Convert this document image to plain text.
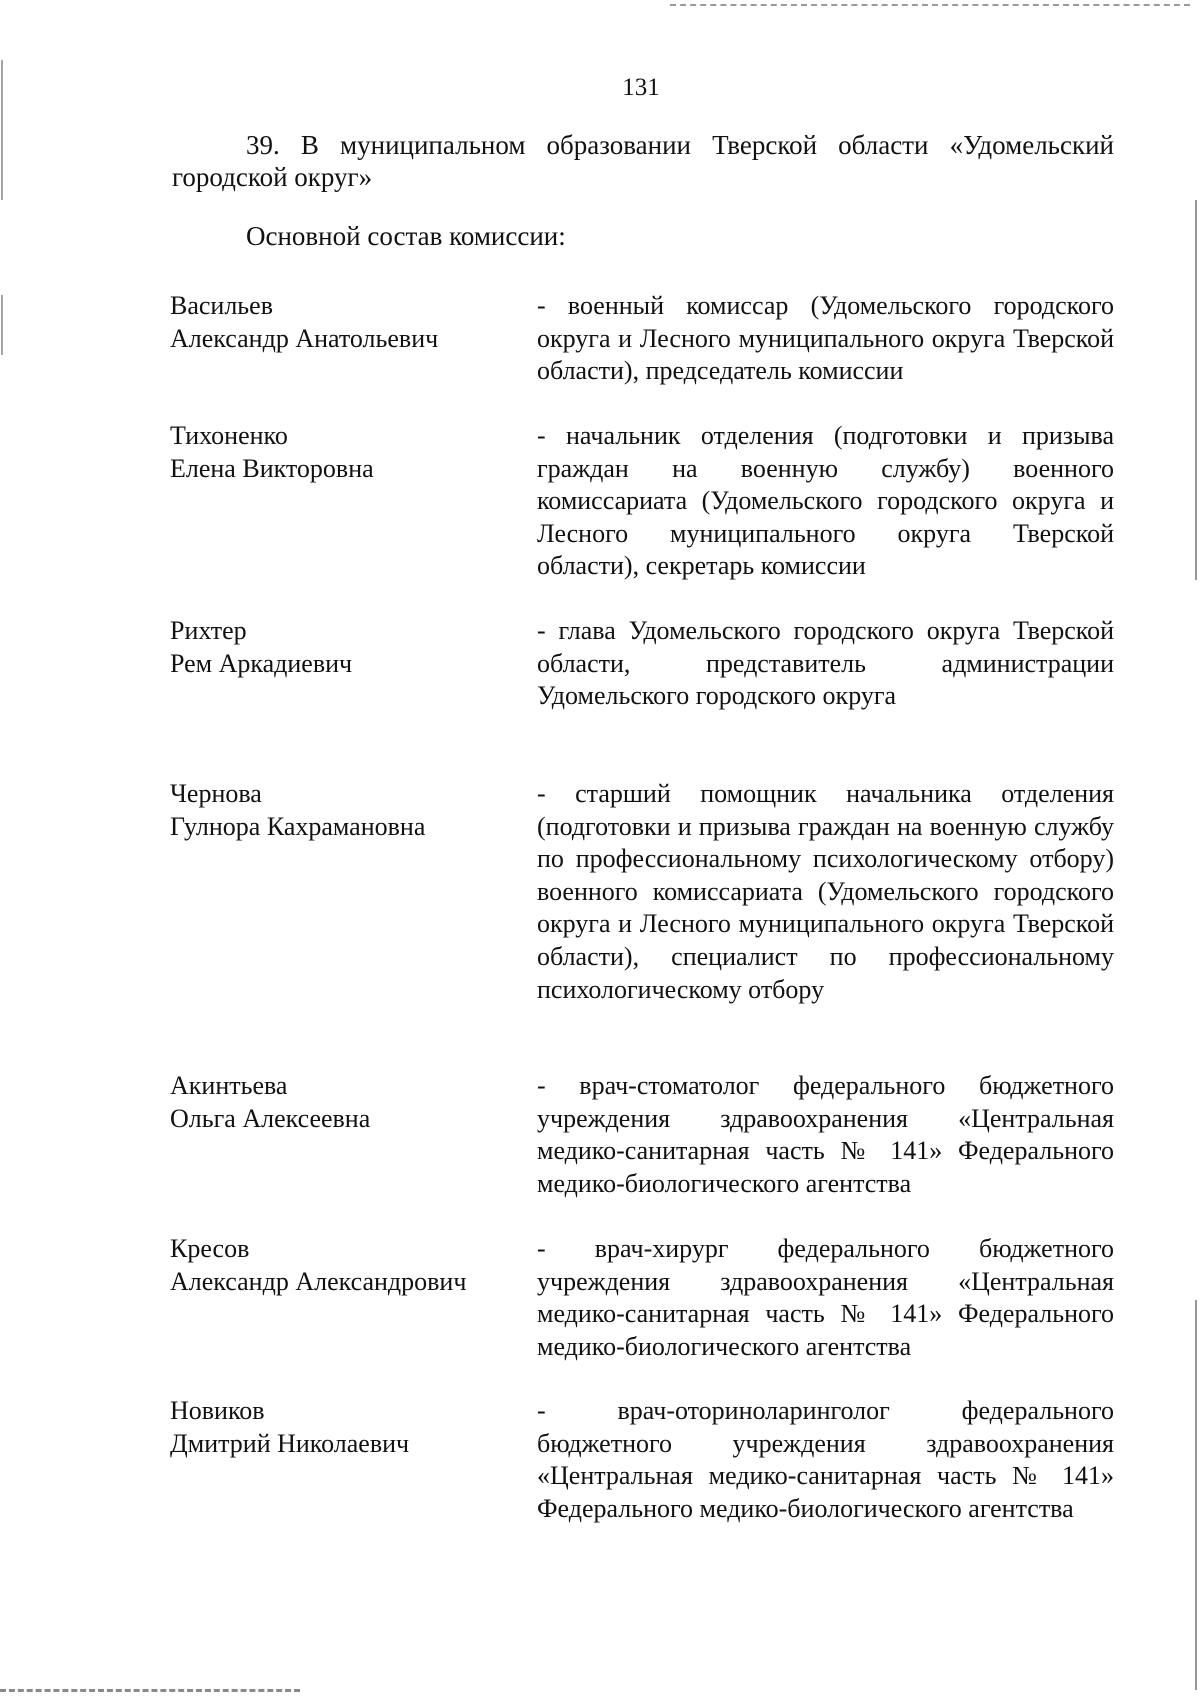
131
39. В муниципальном образовании Тверской области «Удомельский городской округ»
Основной состав комиссии:
Васильев
Александр Анатольевич
- военный комиссар (Удомельского городского округа и Лесного муниципального округа Тверской области), председатель комиссии
Тихоненко
Елена Викторовна
- начальник отделения (подготовки и призыва граждан на военную службу) военного комиссариата (Удомельского городского округа и Лесного муниципального округа Тверской области), секретарь комиссии
Рихтер
Рем Аркадиевич
- глава Удомельского городского округа Тверской области, представитель администрации Удомельского городского округа
Чернова
Гулнора Кахрамановна
- старший помощник начальника отделения (подготовки и призыва граждан на военную службу по профессиональному психологическому отбору) военного комиссариата (Удомельского городского округа и Лесного муниципального округа Тверской области), специалист по профессиональному психологическому отбору
Акинтьева
Ольга Алексеевна
- врач-стоматолог федерального бюджетного учреждения здравоохранения «Центральная медико-санитарная часть № 141» Федерального медико-биологического агентства
Кресов
Александр Александрович
- врач-хирург федерального бюджетного учреждения здравоохранения «Центральная медико-санитарная часть № 141» Федерального медико-биологического агентства
Новиков
Дмитрий Николаевич
- врач-оториноларинголог федерального бюджетного учреждения здравоохранения «Центральная медико-санитарная часть № 141» Федерального медико-биологического агентства
